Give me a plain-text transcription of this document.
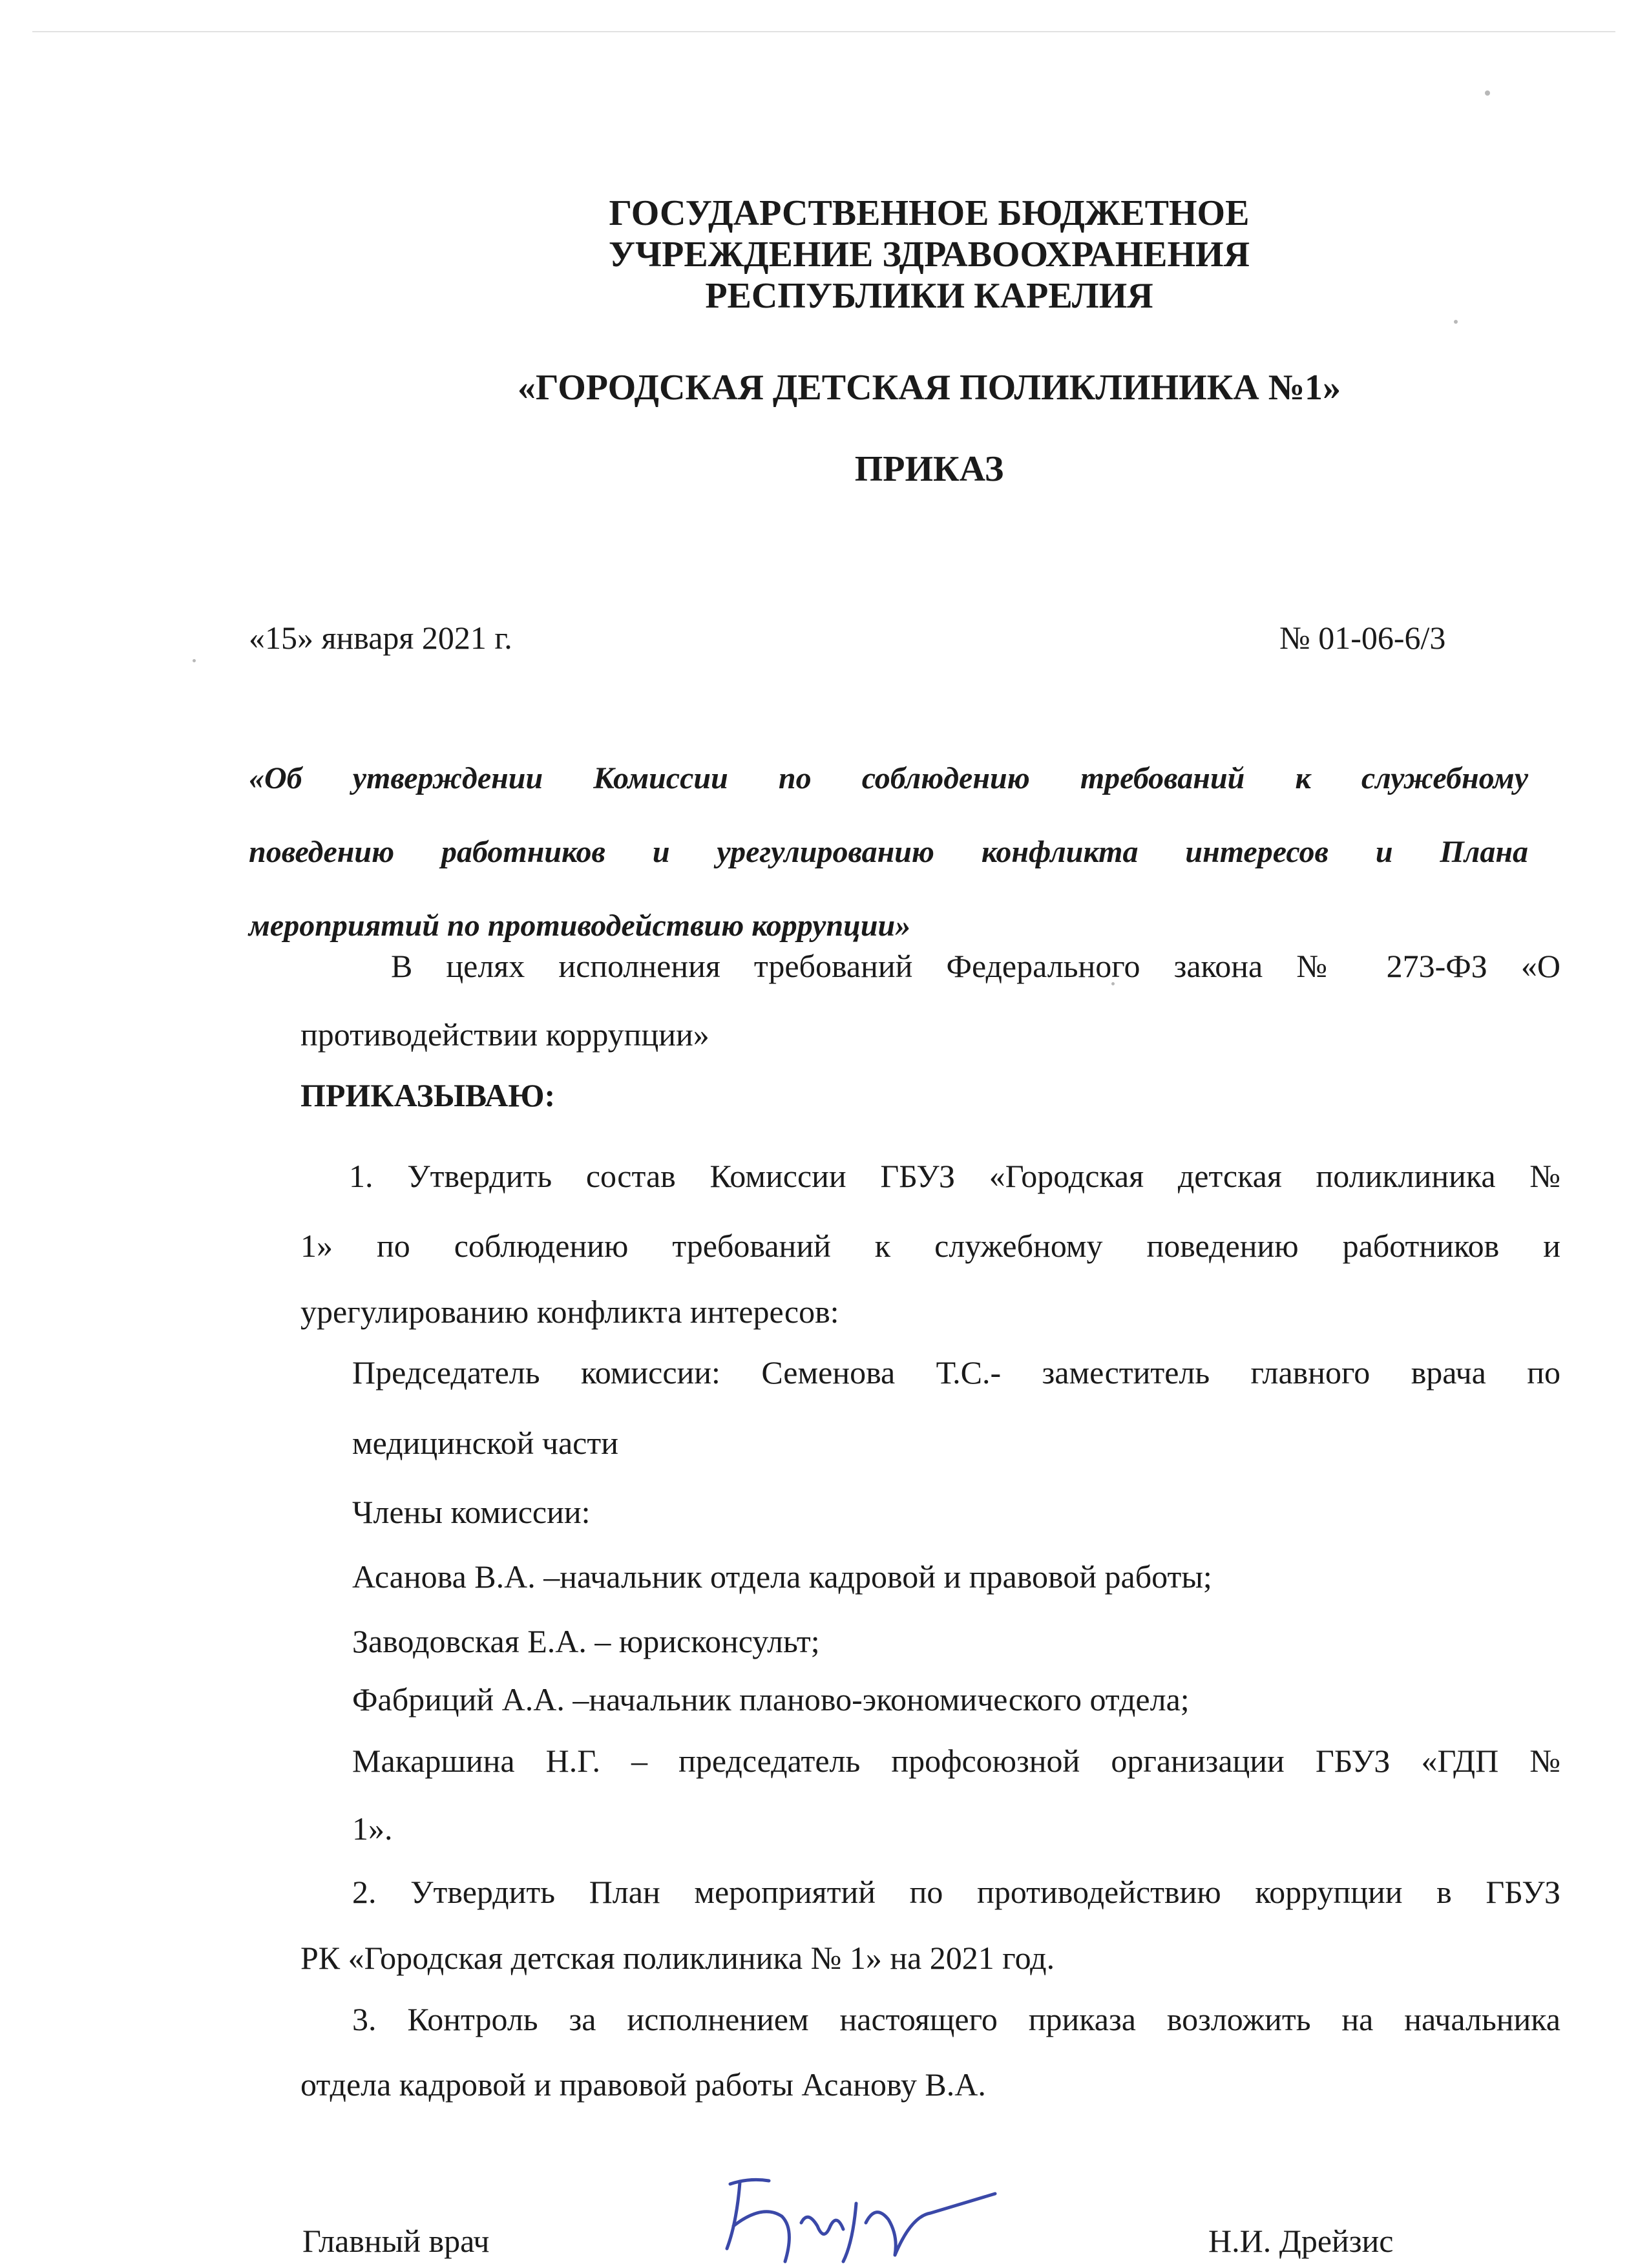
ГОСУДАРСТВЕННОЕ БЮДЖЕТНОЕ
УЧРЕЖДЕНИЕ ЗДРАВООХРАНЕНИЯ
РЕСПУБЛИКИ КАРЕЛИЯ
«ГОРОДСКАЯ ДЕТСКАЯ ПОЛИКЛИНИКА №1»
ПРИКАЗ
«15» января 2021 г.	№ 01-06-6/3
«Об утверждении Комиссии по соблюдению требований к служебному
поведению работников и урегулированию конфликта интересов и Плана
мероприятий по противодействию коррупции»
В целях исполнения требований Федерального закона № 273-ФЗ «О
противодействии коррупции»
ПРИКАЗЫВАЮ:
1. Утвердить состав Комиссии ГБУЗ «Городская детская поликлиника №
1» по соблюдению требований к служебному поведению работников и
урегулированию конфликта интересов:
Председатель комиссии: Семенова Т.С.- заместитель главного врача по
медицинской части
Члены комиссии:
Асанова В.А. –начальник отдела кадровой и правовой работы;
Заводовская Е.А. – юрисконсульт;
Фабриций А.А. –начальник планово-экономического отдела;
Макаршина Н.Г. – председатель профсоюзной организации ГБУЗ «ГДП №
1».
2. Утвердить План мероприятий по противодействию коррупции в ГБУЗ
РК «Городская детская поликлиника № 1» на 2021 год.
3. Контроль за исполнением настоящего приказа возложить на начальника
отдела кадровой и правовой работы Асанову В.А.
Главный врач	Н.И. Дрейзис
